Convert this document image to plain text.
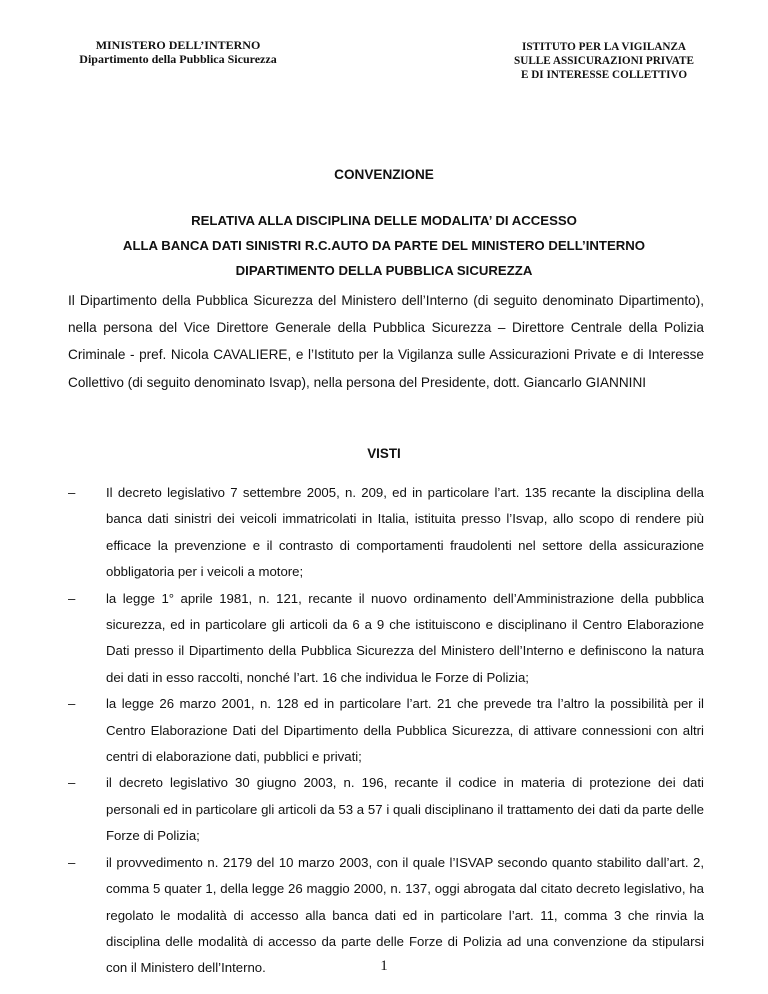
MINISTERO DELL’INTERNO
Dipartimento della Pubblica Sicurezza
ISTITUTO PER LA VIGILANZA
SULLE ASSICURAZIONI PRIVATE
E DI INTERESSE COLLETTIVO
CONVENZIONE
RELATIVA ALLA DISCIPLINA DELLE MODALITA’ DI ACCESSO
ALLA BANCA DATI SINISTRI R.C.AUTO DA PARTE DEL MINISTERO DELL’INTERNO
DIPARTIMENTO DELLA PUBBLICA SICUREZZA
Il Dipartimento della Pubblica Sicurezza del Ministero dell’Interno (di seguito denominato Dipartimento), nella persona del Vice Direttore Generale della Pubblica Sicurezza – Direttore Centrale della Polizia Criminale - pref. Nicola CAVALIERE, e l’Istituto per la Vigilanza sulle Assicurazioni Private e di Interesse Collettivo (di seguito denominato Isvap), nella persona del Presidente, dott. Giancarlo GIANNINI
VISTI
– Il decreto legislativo 7 settembre 2005, n. 209, ed in particolare l’art. 135 recante la disciplina della banca dati sinistri dei veicoli immatricolati in Italia, istituita presso l’Isvap, allo scopo di rendere più efficace la prevenzione e il contrasto di comportamenti fraudolenti nel settore della assicurazione obbligatoria per i veicoli a motore;
– la legge 1° aprile 1981, n. 121, recante il nuovo ordinamento dell’Amministrazione della pubblica sicurezza, ed in particolare gli articoli da 6 a 9 che istituiscono e disciplinano il Centro Elaborazione Dati presso il Dipartimento della Pubblica Sicurezza del Ministero dell’Interno e definiscono la natura dei dati in esso raccolti, nonché l’art. 16 che individua le Forze di Polizia;
– la legge 26 marzo 2001, n. 128 ed in particolare l’art. 21 che prevede tra l’altro la possibilità per il Centro Elaborazione Dati del Dipartimento della Pubblica Sicurezza, di attivare connessioni con altri centri di elaborazione dati, pubblici e privati;
– il decreto legislativo 30 giugno 2003, n. 196, recante il codice in materia di protezione dei dati personali ed in particolare gli articoli da 53 a 57 i quali disciplinano il trattamento dei dati da parte delle Forze di Polizia;
– il provvedimento n. 2179 del 10 marzo 2003, con il quale l’ISVAP secondo quanto stabilito dall’art. 2, comma 5 quater 1, della legge 26 maggio 2000, n. 137, oggi abrogata dal citato decreto legislativo, ha regolato le modalità di accesso alla banca dati ed in particolare l’art. 11, comma 3 che rinvia la disciplina delle modalità di accesso da parte delle Forze di Polizia ad una convenzione da stipularsi con il Ministero dell’Interno.	1
